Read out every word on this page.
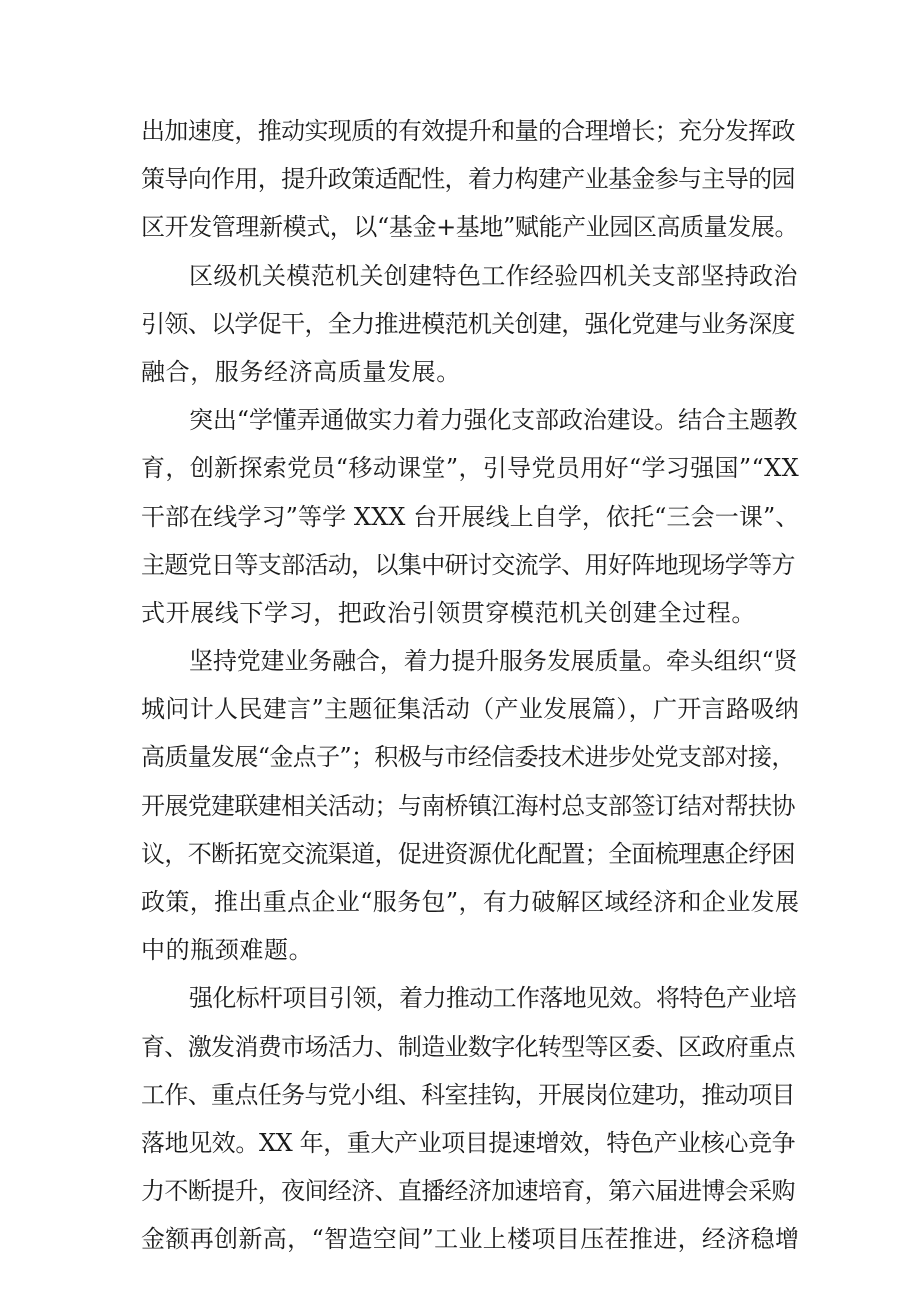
出加速度，推动实现质的有效提升和量的合理增长；充分发挥政
策导向作用，提升政策适配性，着力构建产业基金参与主导的园
区开发管理新模式，以“基金+基地”赋能产业园区高质量发展。
区级机关模范机关创建特色工作经验四机关支部坚持政治
引领、以学促干，全力推进模范机关创建，强化党建与业务深度
融合，服务经济高质量发展。
突出“学懂弄通做实力着力强化支部政治建设。结合主题教
育，创新探索党员“移动课堂”，引导党员用好“学习强国”“XX
干部在线学习”等学 XXX 台开展线上自学，依托“三会一课”、
主题党日等支部活动，以集中研讨交流学、用好阵地现场学等方
式开展线下学习，把政治引领贯穿模范机关创建全过程。
坚持党建业务融合，着力提升服务发展质量。牵头组织“贤
城问计人民建言”主题征集活动（产业发展篇），广开言路吸纳
高质量发展“金点子”；积极与市经信委技术进步处党支部对接，
开展党建联建相关活动；与南桥镇江海村总支部签订结对帮扶协
议，不断拓宽交流渠道，促进资源优化配置；全面梳理惠企纾困
政策，推出重点企业“服务包”，有力破解区域经济和企业发展
中的瓶颈难题。
强化标杆项目引领，着力推动工作落地见效。将特色产业培
育、激发消费市场活力、制造业数字化转型等区委、区政府重点
工作、重点任务与党小组、科室挂钩，开展岗位建功，推动项目
落地见效。XX 年，重大产业项目提速增效，特色产业核心竞争
力不断提升，夜间经济、直播经济加速培育，第六届进博会采购
金额再创新高，“智造空间”工业上楼项目压茬推进，经济稳增
